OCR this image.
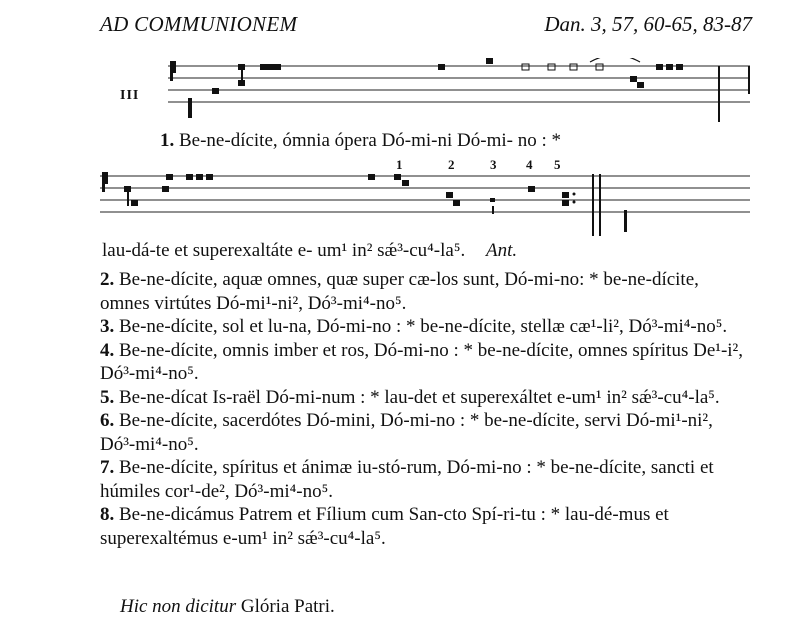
AD COMMUNIONEM	Dan. 3, 57, 60-65, 83-87
III
1. Be-ne-dícite, ómnia ópera Dó-mi-ni Dó-mi- no : *
1	2	3 4 5
lau-dá-te et superexaltáte e- um¹ in² sǽ³-cu⁴-la⁵. Ant.

2. Be-ne-dícite, aquæ omnes, quæ super cæ-los sunt, Dó-mi-no: * be-ne-dícite, omnes virtútes Dó-mi¹-ni², Dó³-mi⁴-no⁵.

3. Be-ne-dícite, sol et lu-na, Dó-mi-no : * be-ne-dícite, stellæ cæ¹-li², Dó³-mi⁴-no⁵.

4. Be-ne-dícite, omnis imber et ros, Dó-mi-no : * be-ne-dícite, omnes spíritus De¹-i², Dó³-mi⁴-no⁵.

5. Be-ne-dícat Is-raël Dó-mi-num : * lau-det et superexáltet e-um¹ in² sǽ³-cu⁴-la⁵.

6. Be-ne-dícite, sacerdótes Dó-mini, Dó-mi-no : * be-ne-dícite, servi Dó-mi¹-ni², Dó³-mi⁴-no⁵.

7. Be-ne-dícite, spíritus et ánimæ iu-stó-rum, Dó-mi-no : * be-ne-dícite, sancti et húmiles cor¹-de², Dó³-mi⁴-no⁵.

8. Be-ne-dicámus Patrem et Fílium cum San-cto Spí-ri-tu : * lau-dé-mus et superexaltémus e-um¹ in² sǽ³-cu⁴-la⁵.

Hic non dicitur Glória Patri.
